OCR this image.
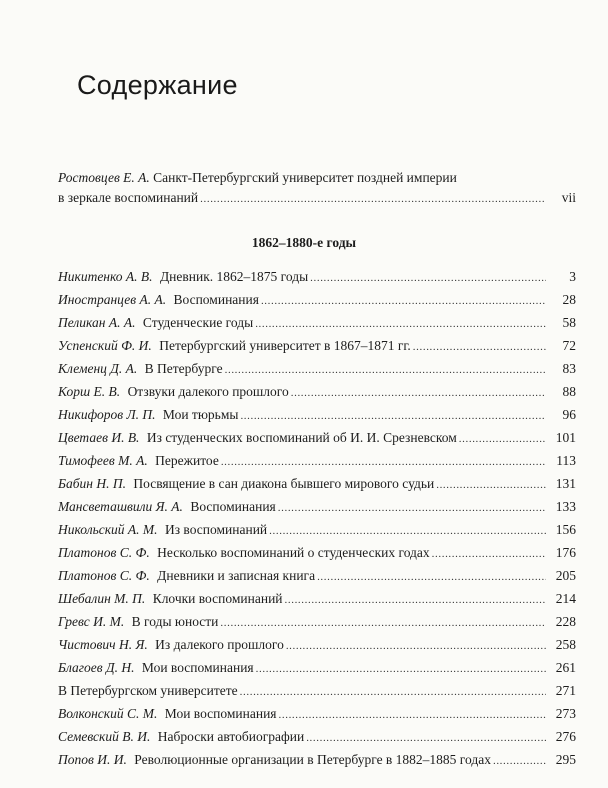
Содержание
Ростовцев Е. А. Санкт-Петербургский университет поздней империи
в зеркале воспоминаний .....	vii
1862–1880-е годы
Никитенко А. В. Дневник. 1862–1875 годы .....	3
Иностранцев А. А. Воспоминания .....	28
Пеликан А. А. Студенческие годы .....	58
Успенский Ф. И. Петербургский университет в 1867–1871 гг. .....	72
Клеменц Д. А. В Петербурге .....	83
Корш Е. В. Отзвуки далекого прошлого .....	88
Никифоров Л. П. Мои тюрьмы .....	96
Цветаев И. В. Из студенческих воспоминаний об И. И. Срезневском .....	101
Тимофеев М. А. Пережитое .....	113
Бабин Н. П. Посвящение в сан диакона бывшего мирового судьи .....	131
Мансветашвили Я. А. Воспоминания .....	133
Никольский А. М. Из воспоминаний .....	156
Платонов С. Ф. Несколько воспоминаний о студенческих годах .....	176
Платонов С. Ф. Дневники и записная книга .....	205
Шебалин М. П. Клочки воспоминаний .....	214
Гревс И. М. В годы юности .....	228
Чистович Н. Я. Из далекого прошлого .....	258
Благоев Д. Н. Мои воспоминания .....	261
В Петербургском университете .....	271
Волконский С. М. Мои воспоминания .....	273
Семевский В. И. Наброски автобиографии .....	276
Попов И. И. Революционные организации в Петербурге в 1882–1885 годах .....	295
